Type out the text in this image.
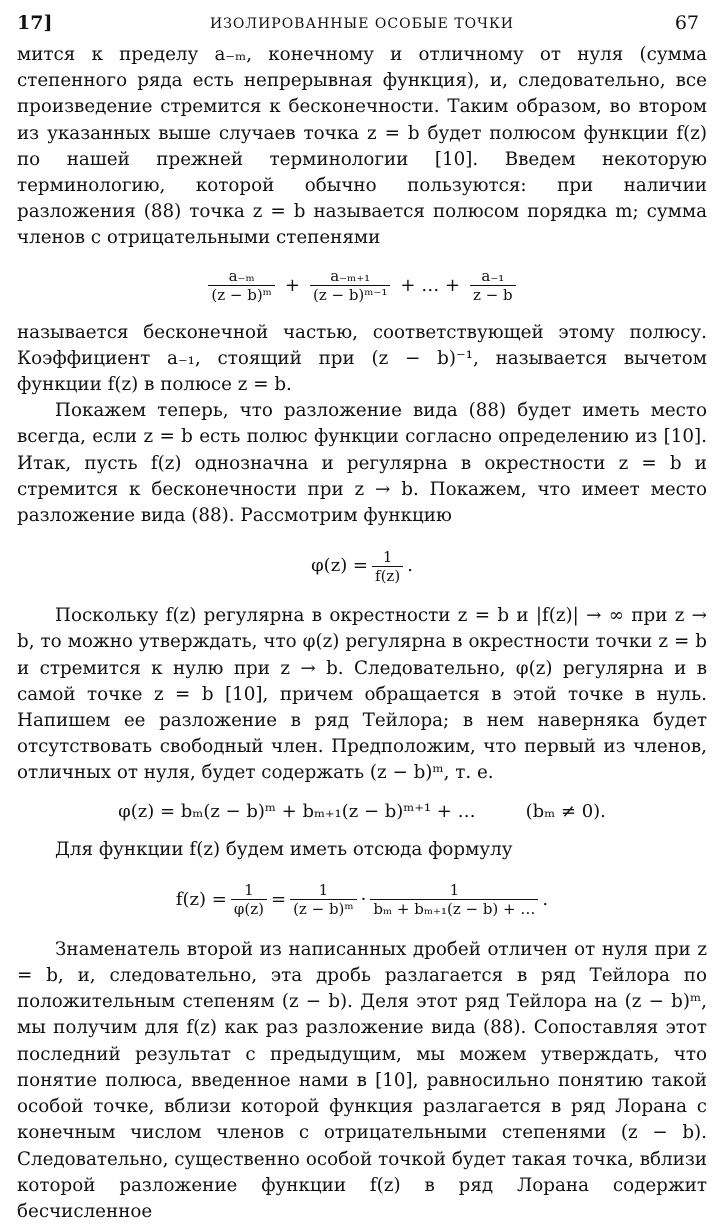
17]	ИЗОЛИРОВАННЫЕ ОСОБЫЕ ТОЧКИ	67

мится к пределу a₋ₘ, конечному и отличному от нуля (сумма степенного ряда есть непрерывная функция), и, следовательно, все произведение стремится к бесконечности. Таким образом, во втором из указанных выше случаев точка z = b будет полюсом функции f(z) по нашей прежней терминологии [10]. Введем некоторую терминологию, которой обычно пользуются: при наличии разложения (88) точка z = b называется полюсом порядка m; сумма членов с отрицательными степенями

$\frac{\text{a₋ₘ}}{\text{(z − b)ᵐ}} + \frac{\text{a₋ₘ₊₁}}{\text{(z − b)ᵐ⁻¹}}$ + … + $\frac{\text{a₋₁}}{z - b}$

называется бесконечной частью, соответствующей этому полюсу. Коэффициент a₋₁, стоящий при (z − b)⁻¹, называется вычетом функции f(z) в полюсе z = b.

Покажем теперь, что разложение вида (88) будет иметь место всегда, если z = b есть полюс функции согласно определению из [10]. Итак, пусть f(z) однозначна и регулярна в окрестности z = b и стремится к бесконечности при z → b. Покажем, что имеет место разложение вида (88). Рассмотрим функцию

$\varphi(z) = \frac{1}{f(z)}$ .

Поскольку f(z) регулярна в окрестности z = b и |f(z)| → ∞ при z → b, то можно утверждать, что φ(z) регулярна в окрестности точки z = b и стремится к нулю при z → b. Следовательно, φ(z) регулярна и в самой точке z = b [10], причем обращается в этой точке в нуль. Напишем ее разложение в ряд Тейлора; в нем наверняка будет отсутствовать свободный член. Предположим, что первый из членов, отличных от нуля, будет содержать (z − b)ᵐ, т. е.

φ(z) = bₘ(z − b)ᵐ + bₘ₊₁(z − b)ᵐ⁺¹ + …	(bₘ ≠ 0).

Для функции f(z) будем иметь отсюда формулу

$f(z) = \frac{1}{\varphi(z)} = \frac{1}{\text{(z − b)ᵐ}} \cdot \frac{1}{\text{bₘ + bₘ₊₁(z − b) + …}}$ .

Знаменатель второй из написанных дробей отличен от нуля при z = b, и, следовательно, эта дробь разлагается в ряд Тейлора по положительным степеням (z − b). Деля этот ряд Тейлора на (z − b)ᵐ, мы получим для f(z) как раз разложение вида (88). Сопоставляя этот последний результат с предыдущим, мы можем утверждать, что понятие полюса, введенное нами в [10], равносильно понятию такой особой точке, вблизи которой функция разлагается в ряд Лорана с конечным числом членов с отрицательными степенями (z − b). Следовательно, существенно особой точкой будет такая точка, вблизи которой разложение функции f(z) в ряд Лорана содержит бесчисленное
